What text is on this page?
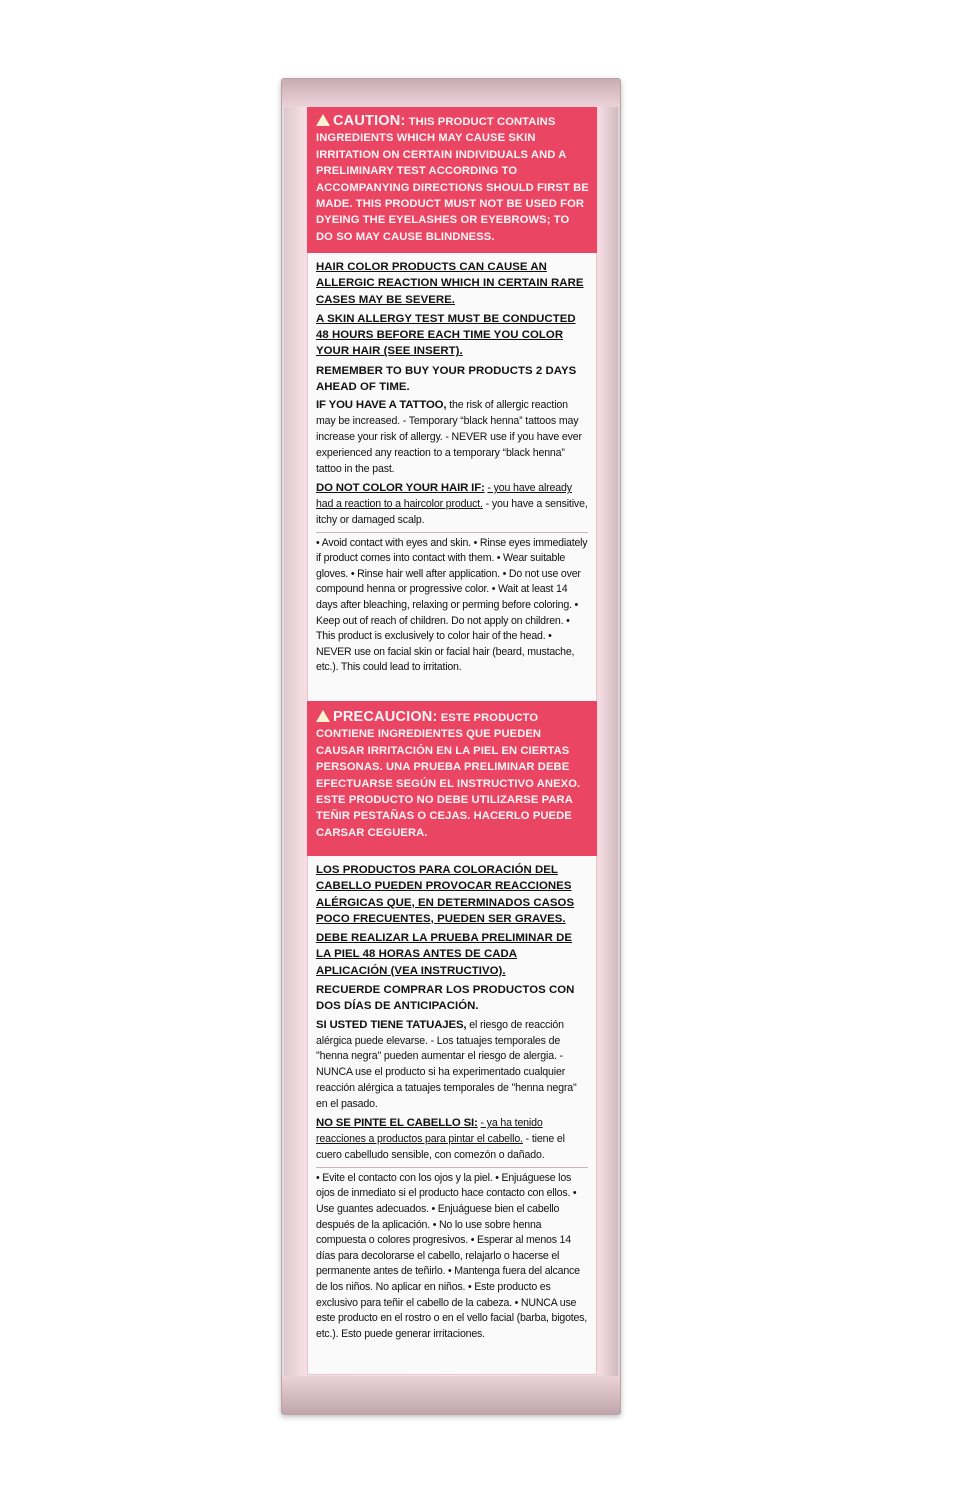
CAUTION: THIS PRODUCT CONTAINS INGREDIENTS WHICH MAY CAUSE SKIN IRRITATION ON CERTAIN INDIVIDUALS AND A PRELIMINARY TEST ACCORDING TO ACCOMPANYING DIRECTIONS SHOULD FIRST BE MADE. THIS PRODUCT MUST NOT BE USED FOR DYEING THE EYELASHES OR EYEBROWS; TO DO SO MAY CAUSE BLINDNESS.

HAIR COLOR PRODUCTS CAN CAUSE AN ALLERGIC REACTION WHICH IN CERTAIN RARE CASES MAY BE SEVERE.

A SKIN ALLERGY TEST MUST BE CONDUCTED 48 HOURS BEFORE EACH TIME YOU COLOR YOUR HAIR (SEE INSERT).

REMEMBER TO BUY YOUR PRODUCTS 2 DAYS AHEAD OF TIME.

IF YOU HAVE A TATTOO, the risk of allergic reaction may be increased. - Temporary “black henna” tattoos may increase your risk of allergy. - NEVER use if you have ever experienced any reaction to a temporary “black henna” tattoo in the past.

DO NOT COLOR YOUR HAIR IF: - you have already had a reaction to a haircolor product. - you have a sensitive, itchy or damaged scalp.

• Avoid contact with eyes and skin. • Rinse eyes immediately if product comes into contact with them. • Wear suitable gloves. • Rinse hair well after application. • Do not use over compound henna or progressive color. • Wait at least 14 days after bleaching, relaxing or perming before coloring. • Keep out of reach of children. Do not apply on children. • This product is exclusively to color hair of the head. • NEVER use on facial skin or facial hair (beard, mustache, etc.). This could lead to irritation.

PRECAUCION: ESTE PRODUCTO CONTIENE INGREDIENTES QUE PUEDEN CAUSAR IRRITACIÓN EN LA PIEL EN CIERTAS PERSONAS. UNA PRUEBA PRELIMINAR DEBE EFECTUARSE SEGÚN EL INSTRUCTIVO ANEXO. ESTE PRODUCTO NO DEBE UTILIZARSE PARA TEÑIR PESTAÑAS O CEJAS. HACERLO PUEDE CARSAR CEGUERA.

LOS PRODUCTOS PARA COLORACIÓN DEL CABELLO PUEDEN PROVOCAR REACCIONES ALÉRGICAS QUE, EN DETERMINADOS CASOS POCO FRECUENTES, PUEDEN SER GRAVES.

DEBE REALIZAR LA PRUEBA PRELIMINAR DE LA PIEL 48 HORAS ANTES DE CADA APLICACIÓN (VEA INSTRUCTIVO).

RECUERDE COMPRAR LOS PRODUCTOS CON DOS DÍAS DE ANTICIPACIÓN.

SI USTED TIENE TATUAJES, el riesgo de reacción alérgica puede elevarse. - Los tatuajes temporales de "henna negra" pueden aumentar el riesgo de alergia. - NUNCA use el producto si ha experimentado cualquier reacción alérgica a tatuajes temporales de "henna negra" en el pasado.

NO SE PINTE EL CABELLO SI: - ya ha tenido reacciones a productos para pintar el cabello. - tiene el cuero cabelludo sensible, con comezón o dañado.

• Evite el contacto con los ojos y la piel. • Enjuáguese los ojos de inmediato si el producto hace contacto con ellos. • Use guantes adecuados. • Enjuáguese bien el cabello después de la aplicación. • No lo use sobre henna compuesta o colores progresivos. • Esperar al menos 14 días para decolorarse el cabello, relajarlo o hacerse el permanente antes de teñirlo. • Mantenga fuera del alcance de los niños. No aplicar en niños. • Este producto es exclusivo para teñir el cabello de la cabeza. • NUNCA use este producto en el rostro o en el vello facial (barba, bigotes, etc.). Esto puede generar irritaciones.
